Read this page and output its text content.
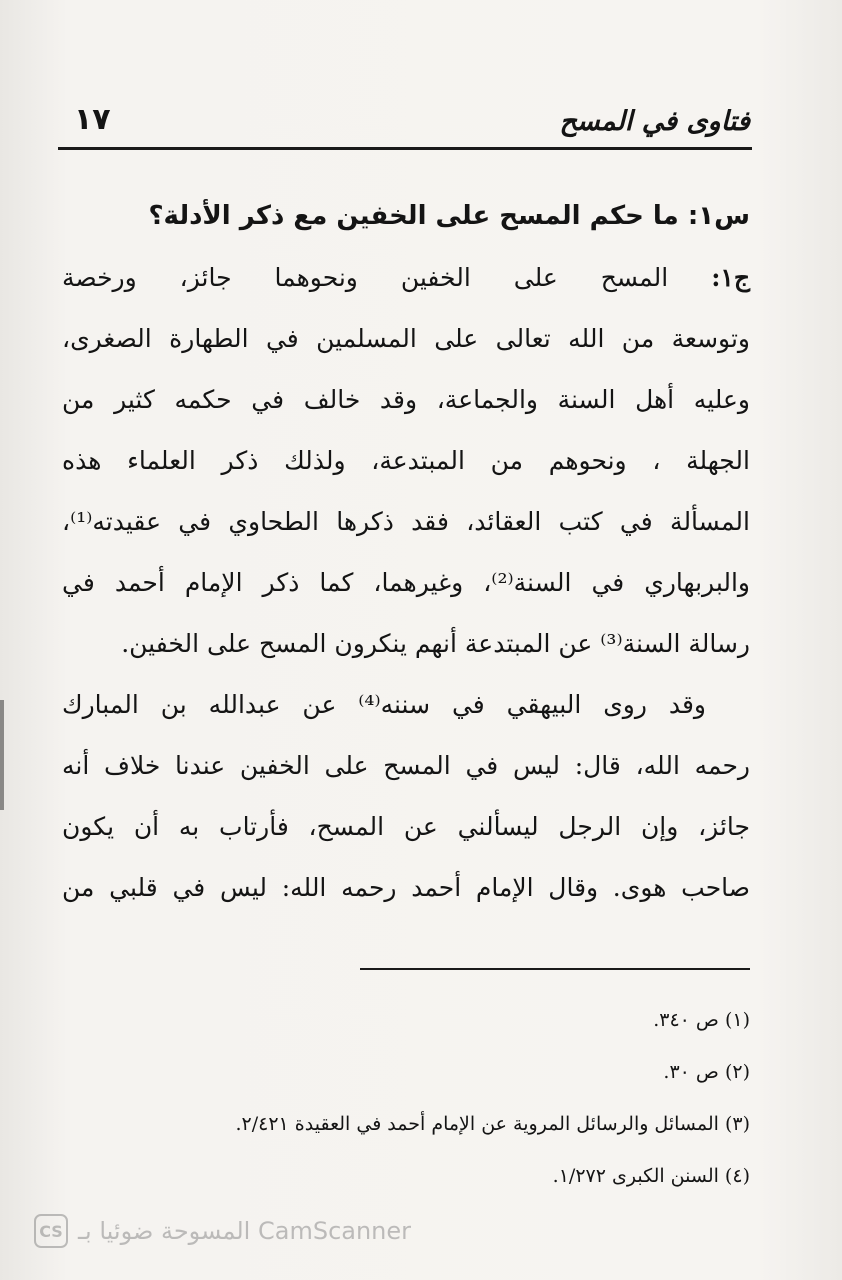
فتاوى في المسح
١٧
س١: ما حكم المسح على الخفين مع ذكر الأدلة؟
ج١: المسح على الخفين ونحوهما جائز، ورخصة
وتوسعة من الله تعالى على المسلمين في الطهارة الصغرى،
وعليه أهل السنة والجماعة، وقد خالف في حكمه كثير من
الجهلة ، ونحوهم من المبتدعة، ولذلك ذكر العلماء هذه
المسألة في كتب العقائد، فقد ذكرها الطحاوي في عقيدته⁽¹⁾،
والبربهاري في السنة⁽²⁾، وغيرهما، كما ذكر الإمام أحمد في
رسالة السنة⁽³⁾ عن المبتدعة أنهم ينكرون المسح على الخفين.
وقد روى البيهقي في سننه⁽⁴⁾ عن عبدالله بن المبارك
رحمه الله، قال: ليس في المسح على الخفين عندنا خلاف أنه
جائز، وإن الرجل ليسألني عن المسح، فأرتاب به أن يكون
صاحب هوى. وقال الإمام أحمد رحمه الله: ليس في قلبي من
(١) ص ٣٤٠.
(٢) ص ٣٠.
(٣) المسائل والرسائل المروية عن الإمام أحمد في العقيدة ٢/٤٢١.
(٤) السنن الكبرى ١/٢٧٢.
CS المسوحة ضوئيا بـ CamScanner
